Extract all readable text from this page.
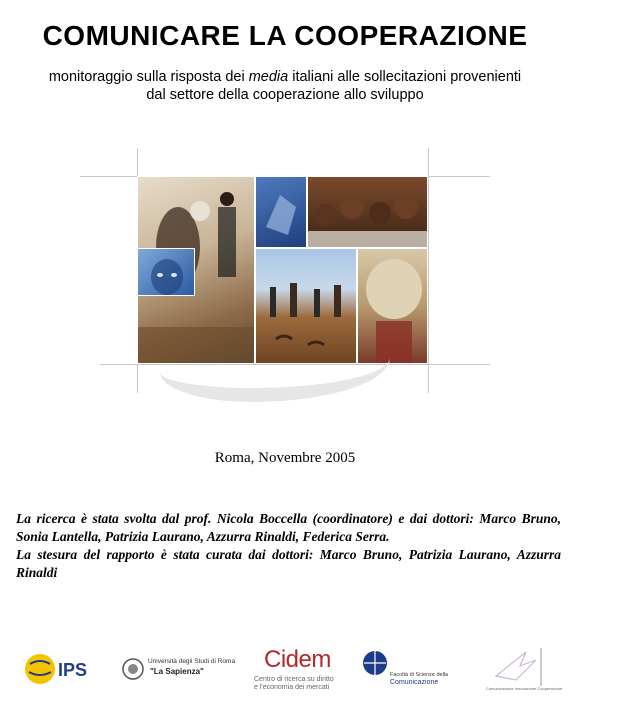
COMUNICARE LA COOPERAZIONE
monitoraggio sulla risposta dei media italiani alle sollecitazioni provenienti
dal settore della cooperazione allo sviluppo
Roma, Novembre 2005

La ricerca è stata svolta dal prof. Nicola Boccella (coordinatore) e dai dottori: Marco Bruno, Sonia Lantella, Patrizia Laurano, Azzurra Rinaldi, Federica Serra.

La stesura del rapporto è stata curata dai dottori: Marco Bruno, Patrizia Laurano, Azzurra Rinaldi

IPS	Università degli Studi di Roma
"La Sapienza"	Cidem
Centro di ricerca su diritto
e l'economia dei mercati
Facoltà di Scienze della
Comunicazione
Comunicazione Innovazione Cooperazione
